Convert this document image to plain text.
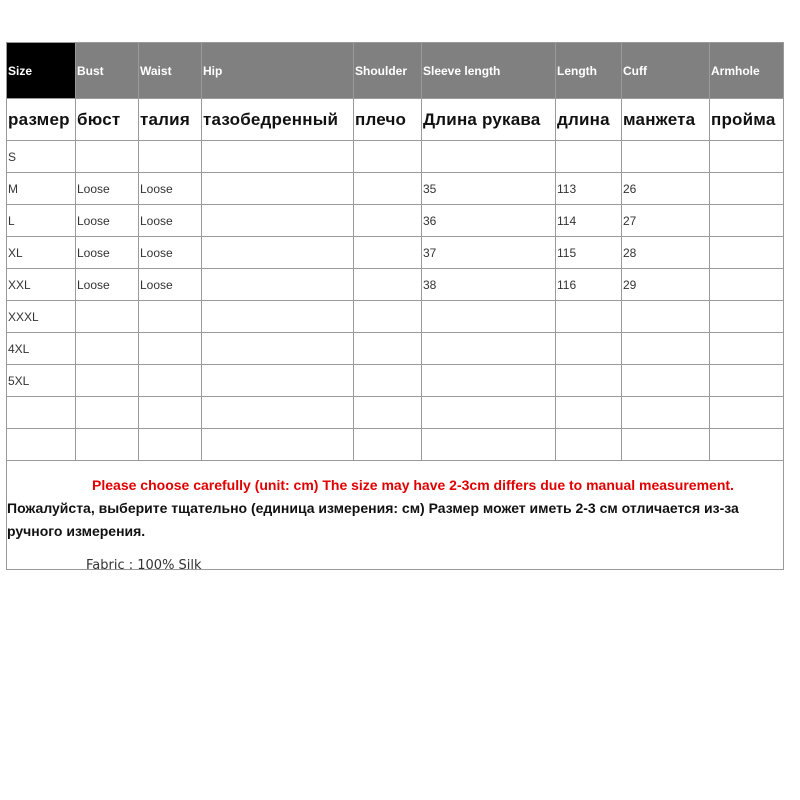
Size	Bust	Waist	Hip	Shoulder	Sleeve length	Length	Cuff	Armhole
размер	бюст	талия	тазобедренный	плечо	Длина рукава	длина	манжета	пройма
S								
M	Loose	Loose			35	113	26	
L	Loose	Loose			36	114	27	
XL	Loose	Loose			37	115	28	
XXL	Loose	Loose			38	116	29	
XXXL								
4XL								
5XL								

Please choose carefully (unit: cm) The size may have 2-3cm differs due to manual measurement.
Пожалуйста, выберите тщательно (единица измерения: см) Размер может иметь 2-3 см отличается из-за ручного измерения.								
Fabric : 100% Silk
